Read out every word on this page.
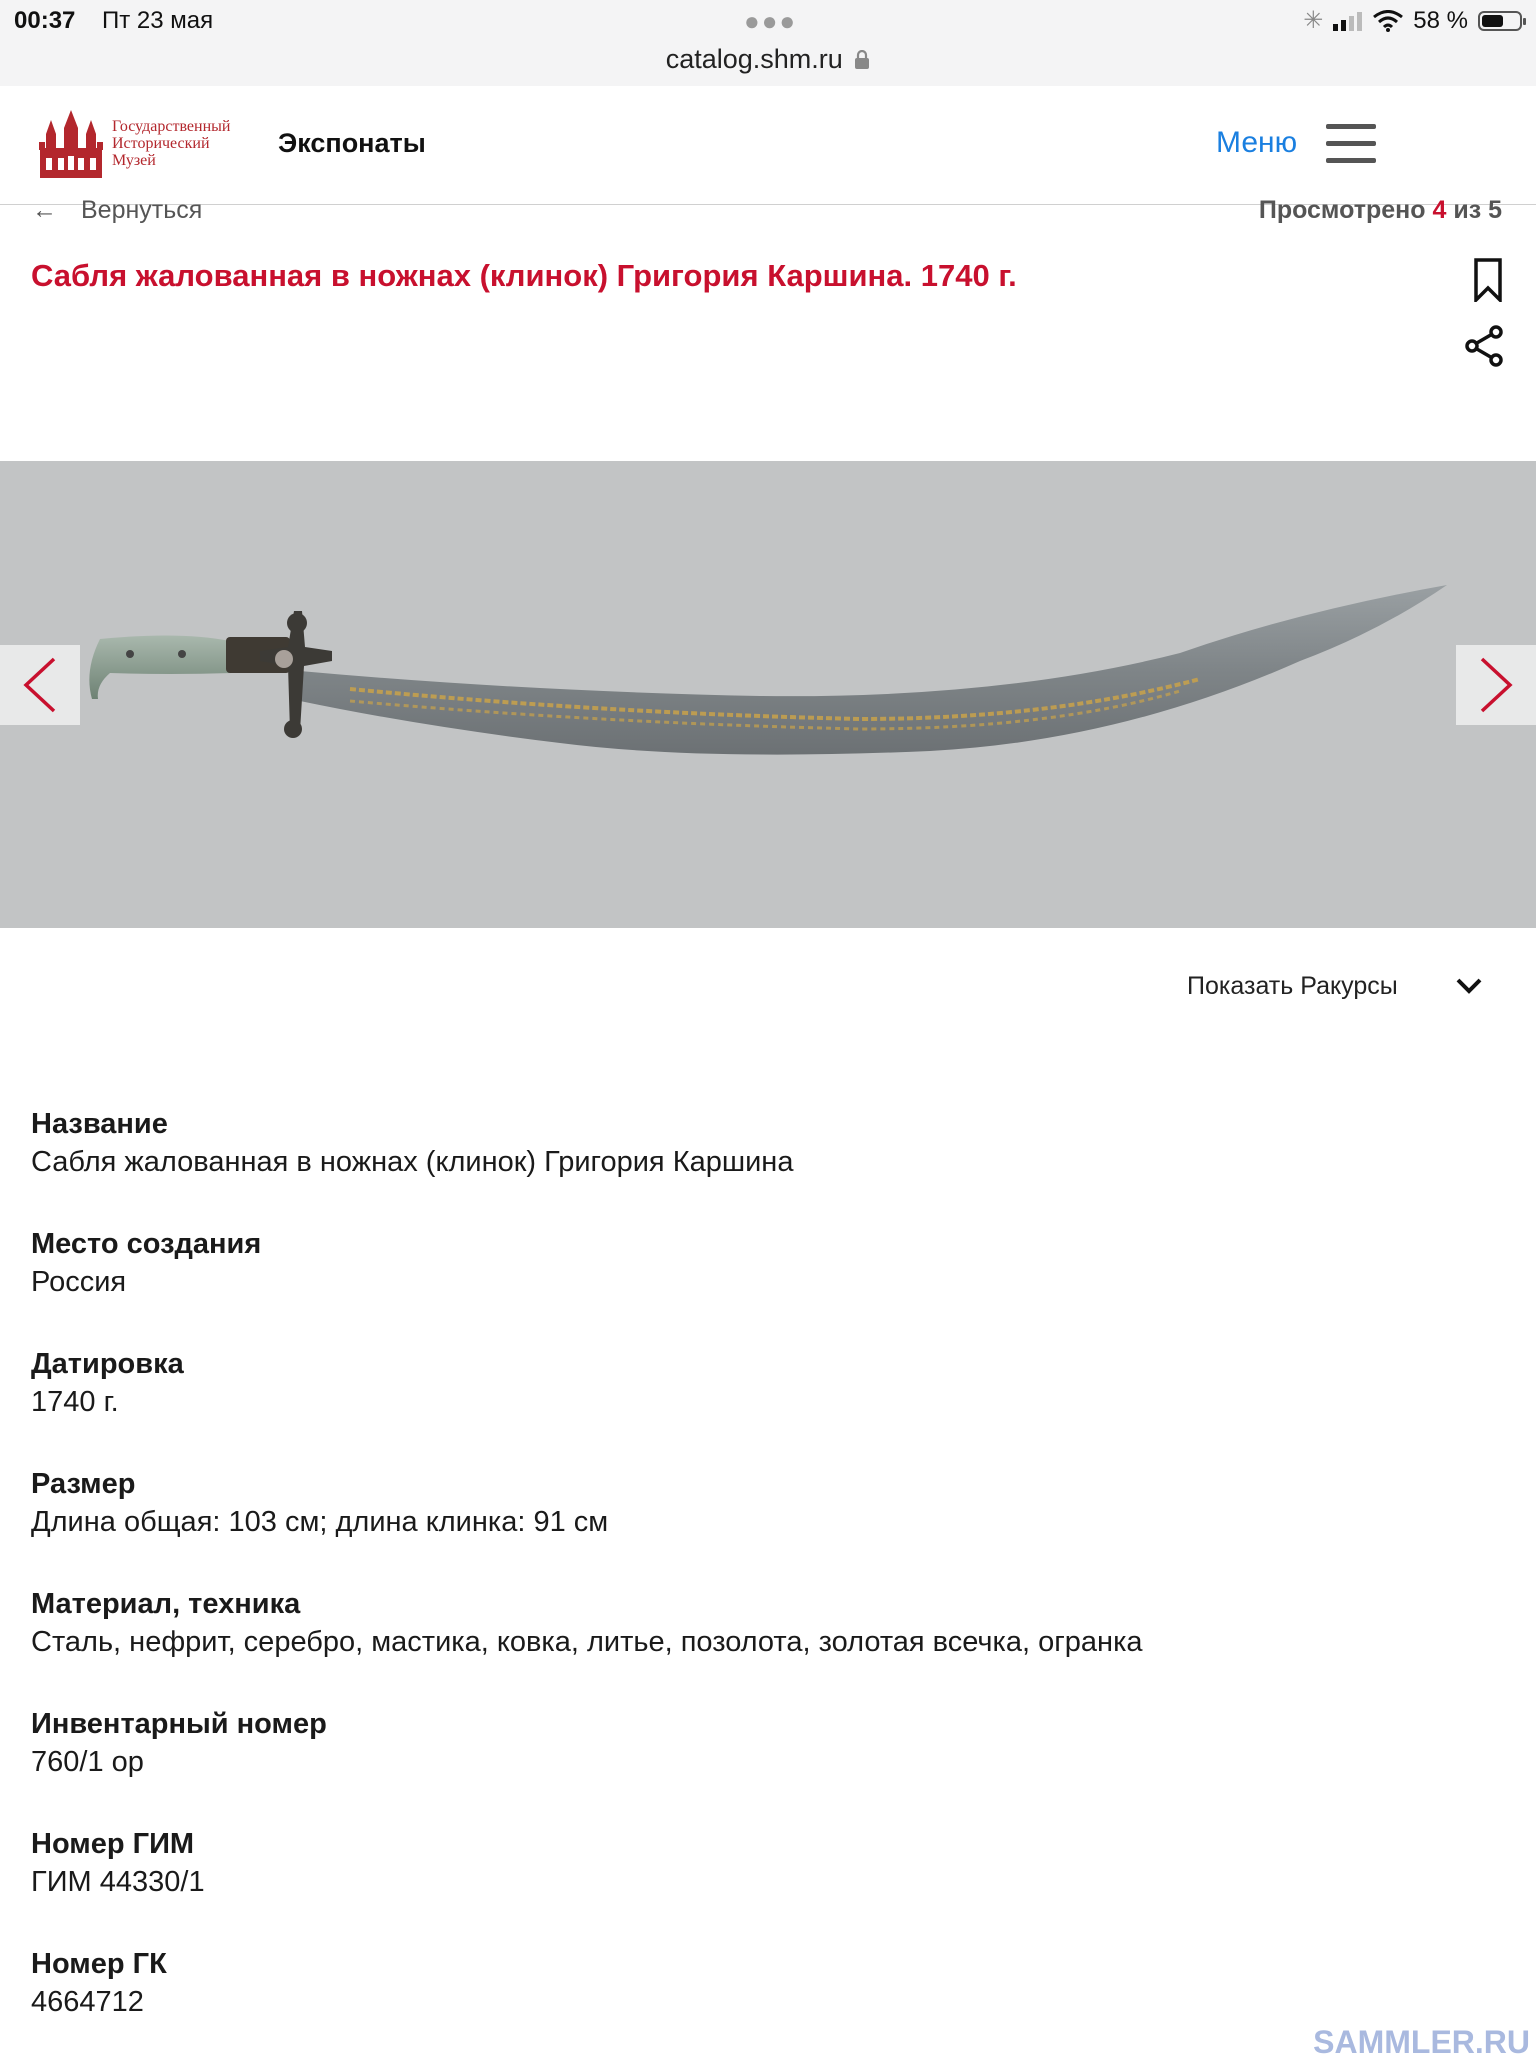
00:37 Пт 23 мая	●●●	✳	58 %
catalog.shm.ru
Государственный
Исторический
Музей
Экспонаты	Меню
← Вернуться	Просмотрено 4 из 5
Сабля жалованная в ножнах (клинок) Григория Каршина. 1740 г.
Показать Ракурсы
Название
Сабля жалованная в ножнах (клинок) Григория Каршина
Место создания
Россия
Датировка
1740 г.
Размер
Длина общая: 103 см; длина клинка: 91 см
Материал, техника
Сталь, нефрит, серебро, мастика, ковка, литье, позолота, золотая всечка, огранка
Инвентарный номер
760/1 ор
Номер ГИМ
ГИМ 44330/1
Номер ГК
4664712
SAMMLER.RU
